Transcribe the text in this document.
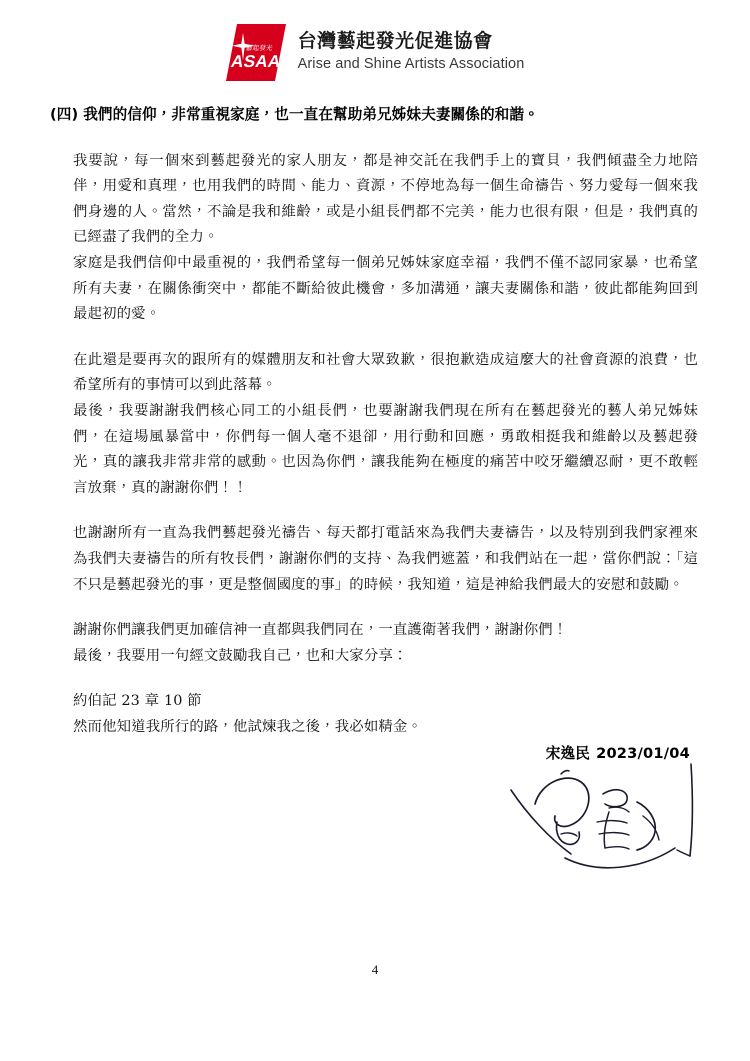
藝起發光
ASAA
台灣藝起發光促進協會
Arise and Shine Artists Association
(四) 我們的信仰，非常重視家庭，也一直在幫助弟兄姊妹夫妻關係的和諧。

我要說，每一個來到藝起發光的家人朋友，都是神交託在我們手上的寶貝，我們傾盡全力地陪伴，用愛和真理，也用我們的時間、能力、資源，不停地為每一個生命禱告、努力愛每一個來我們身邊的人。當然，不論是我和維齡，或是小組長們都不完美，能力也很有限，但是，我們真的已經盡了我們的全力。

家庭是我們信仰中最重視的，我們希望每一個弟兄姊妹家庭幸福，我們不僅不認同家暴，也希望所有夫妻，在關係衝突中，都能不斷給彼此機會，多加溝通，讓夫妻關係和諧，彼此都能夠回到最起初的愛。

在此還是要再次的跟所有的媒體朋友和社會大眾致歉，很抱歉造成這麼大的社會資源的浪費，也希望所有的事情可以到此落幕。

最後，我要謝謝我們核心同工的小組長們，也要謝謝我們現在所有在藝起發光的藝人弟兄姊妹們，在這場風暴當中，你們每一個人毫不退卻，用行動和回應，勇敢相挺我和維齡以及藝起發光，真的讓我非常非常的感動。也因為你們，讓我能夠在極度的痛苦中咬牙繼續忍耐，更不敢輕言放棄，真的謝謝你們！！

也謝謝所有一直為我們藝起發光禱告、每天都打電話來為我們夫妻禱告，以及特別到我們家裡來為我們夫妻禱告的所有牧長們，謝謝你們的支持、為我們遮蓋，和我們站在一起，當你們說：「這不只是藝起發光的事，更是整個國度的事」的時候，我知道，這是神給我們最大的安慰和鼓勵。

謝謝你們讓我們更加確信神一直都與我們同在，一直護衛著我們，謝謝你們！

最後，我要用一句經文鼓勵我自己，也和大家分享：

約伯記 23 章 10 節

然而他知道我所行的路，他試煉我之後，我必如精金。

宋逸民 2023/01/04
4
